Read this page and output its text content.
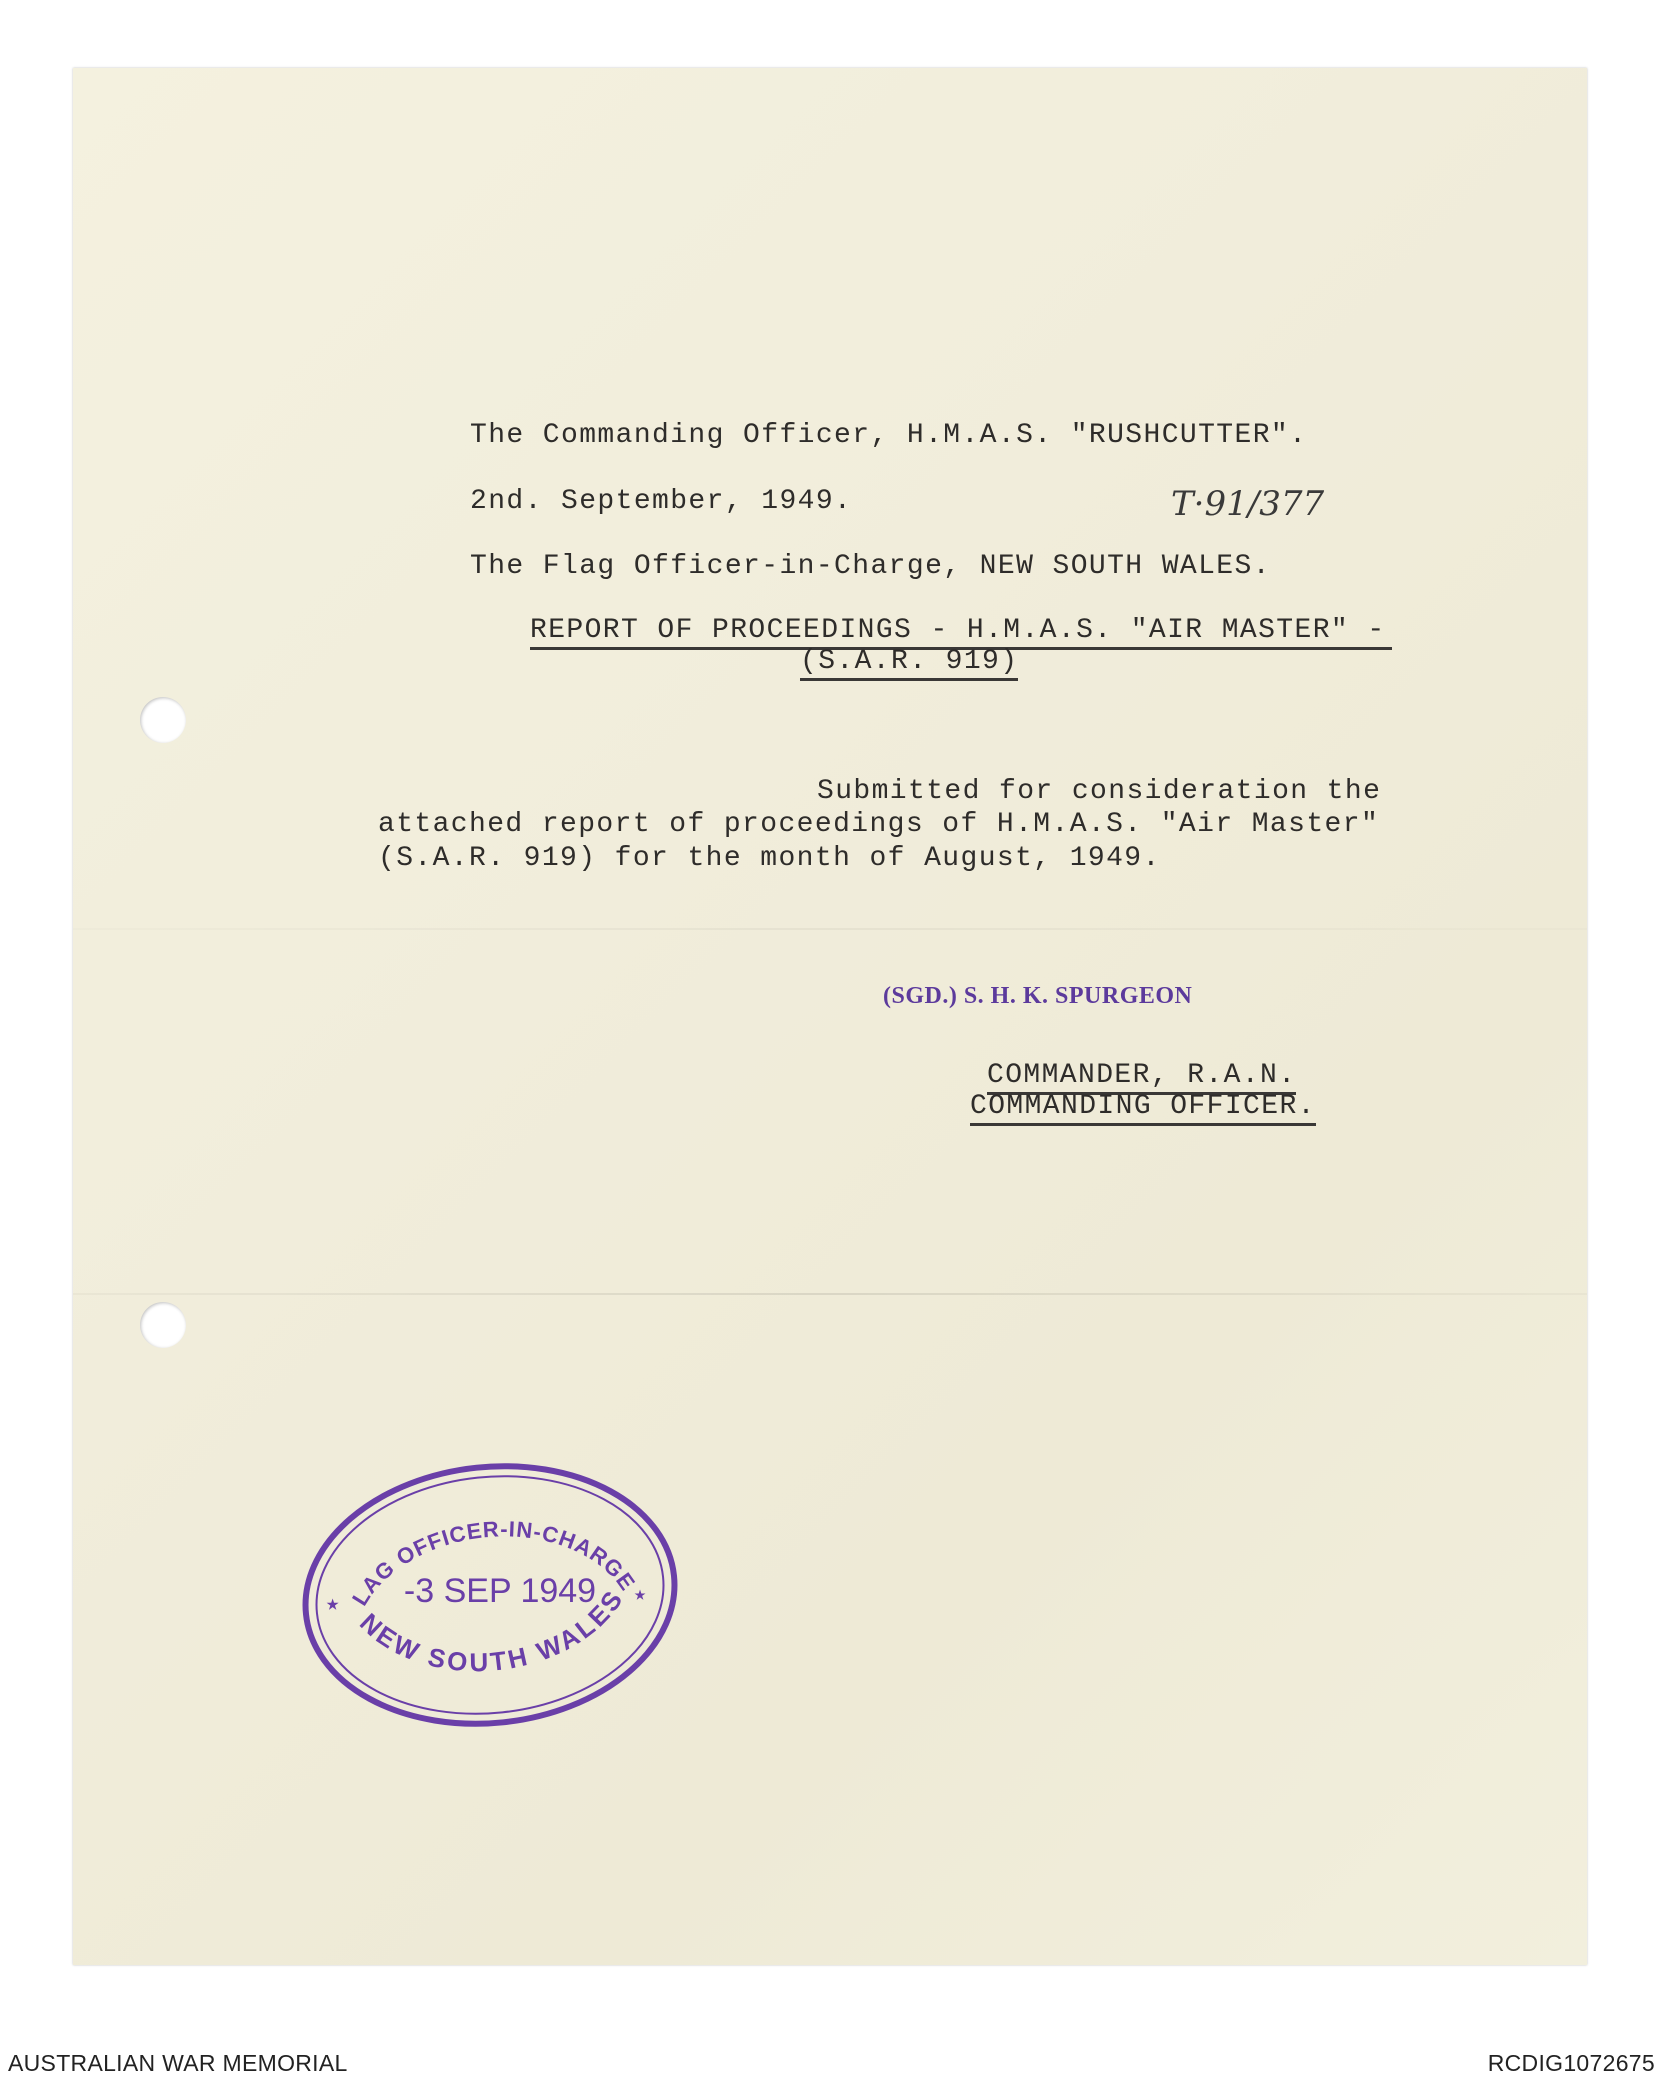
The Commanding Officer, H.M.A.S. "RUSHCUTTER".
2nd. September, 1949.	T·91/377
The Flag Officer-in-Charge, NEW SOUTH WALES.
REPORT OF PROCEEDINGS - H.M.A.S. "AIR MASTER" -
(S.A.R. 919)
Submitted for consideration the
attached report of proceedings of H.M.A.S. "Air Master"
(S.A.R. 919) for the month of August, 1949.
(SGD.) S. H. K. SPURGEON
COMMANDER, R.A.N.
COMMANDING OFFICER.
FLAG OFFICER-IN-CHARGE
-3 SEP 1949
★	★
NEW SOUTH WALES
AUSTRALIAN WAR MEMORIAL	RCDIG1072675
